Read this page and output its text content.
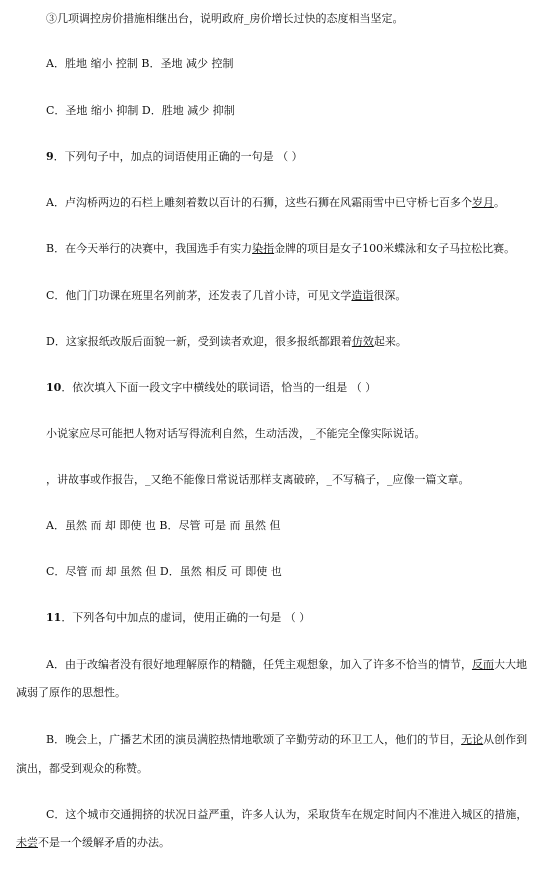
③几项调控房价措施相继出台，说明政府_房价增长过快的态度相当坚定。
A．胜地 缩小 控制 B．圣地 减少 控制
C．圣地 缩小 抑制 D．胜地 减少 抑制
9．下列句子中，加点的词语使用正确的一句是 （ ）
A．卢沟桥两边的石栏上雕刻着数以百计的石狮，这些石狮在风霜雨雪中已守桥七百多个岁月。
B．在今天举行的决赛中，我国选手有实力染指金牌的项目是女子100米蝶泳和女子马拉松比赛。
C．他门门功课在班里名列前茅，还发表了几首小诗，可见文学造诣很深。
D．这家报纸改版后面貌一新，受到读者欢迎，很多报纸都跟着仿效起来。
10．依次填入下面一段文字中横线处的联词语，恰当的一组是 （ ）
小说家应尽可能把人物对话写得流利自然，生动活泼，_不能完全像实际说话。
，讲故事或作报告，_又绝不能像日常说话那样支离破碎，_不写稿子，_应像一篇文章。
A．虽然 而 却 即使 也 B．尽管 可是 而 虽然 但
C．尽管 而 却 虽然 但 D．虽然 相反 可 即使 也
11．下列各句中加点的虚词，使用正确的一句是 （ ）
A．由于改编者没有很好地理解原作的精髓，任凭主观想象，加入了许多不恰当的情节，反而大大地
减弱了原作的思想性。
B．晚会上，广播艺术团的演员满腔热情地歌颂了辛勤劳动的环卫工人，他们的节目，无论从创作到
演出，都受到观众的称赞。
C．这个城市交通拥挤的状况日益严重，许多人认为，采取货车在规定时间内不准进入城区的措施，
未尝不是一个缓解矛盾的办法。
